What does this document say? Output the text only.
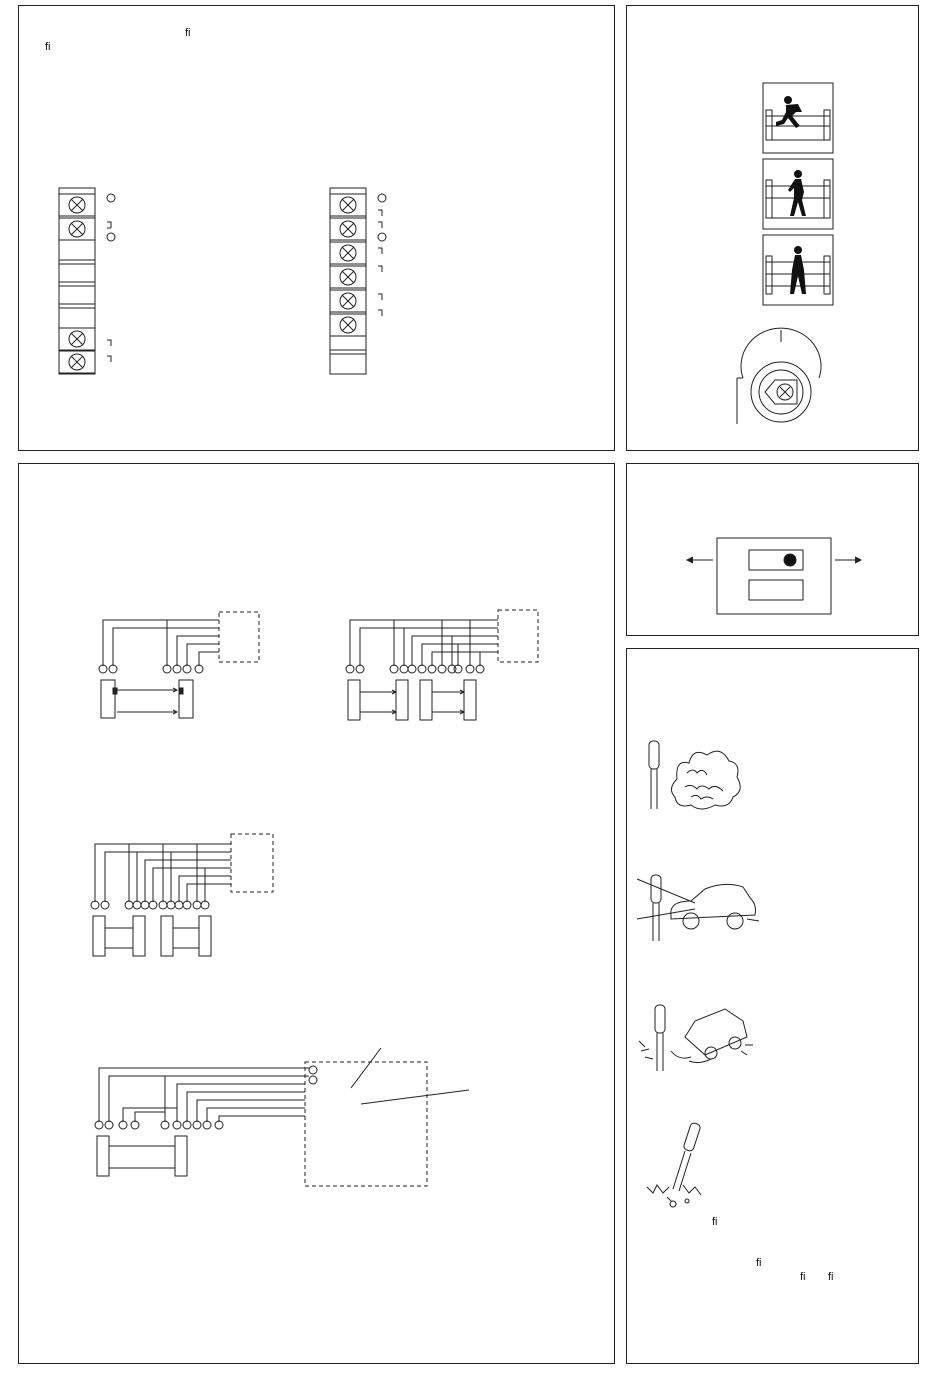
fi
fi
fi
fi
fi fi
